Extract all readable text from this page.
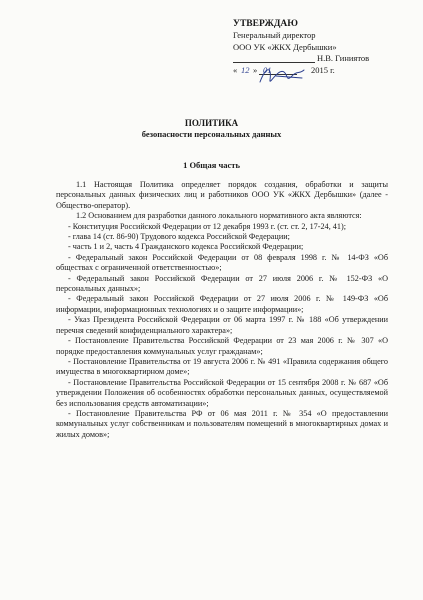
УТВЕРЖДАЮ
Генеральный директор
ООО УК «ЖКХ Дербышки»
Н.В. Гиниятов
« 12 » 01	2015 г.
ПОЛИТИКА
безопасности персональных данных
1 Общая часть

1.1 Настоящая Политика определяет порядок создания, обработки и защиты персональных данных физических лиц и работников ООО УК «ЖКХ Дербышки» (далее - Общество-оператор).

1.2 Основанием для разработки данного локального нормативного акта являются:

- Конституция Российской Федерации от 12 декабря 1993 г. (ст. ст. 2, 17-24, 41);

- глава 14 (ст. 86-90) Трудового кодекса Российской Федерации;

- часть 1 и 2, часть 4 Гражданского кодекса Российской Федерации;

- Федеральный закон Российской Федерации от 08 февраля 1998 г. № 14-ФЗ «Об обществах с ограниченной ответственностью»;

- Федеральный закон Российской Федерации от 27 июля 2006 г. № 152-ФЗ «О персональных данных»;

- Федеральный закон Российской Федерации от 27 июля 2006 г. № 149-ФЗ «Об информации, информационных технологиях и о защите информации»;

- Указ Президента Российской Федерации от 06 марта 1997 г. № 188 «Об утверждении перечня сведений конфиденциального характера»;

- Постановление Правительства Российской Федерации от 23 мая 2006 г. № 307 «О порядке предоставления коммунальных услуг гражданам»;

- Постановление Правительства от 19 августа 2006 г. № 491 «Правила содержания общего имущества в многоквартирном доме»;

- Постановление Правительства Российской Федерации от 15 сентября 2008 г. № 687 «Об утверждении Положения об особенностях обработки персональных данных, осуществляемой без использования средств автоматизации»;

- Постановление Правительства РФ от 06 мая 2011 г. № 354 «О предоставлении коммунальных услуг собственникам и пользователям помещений в многоквартирных домах и жилых домов»;
